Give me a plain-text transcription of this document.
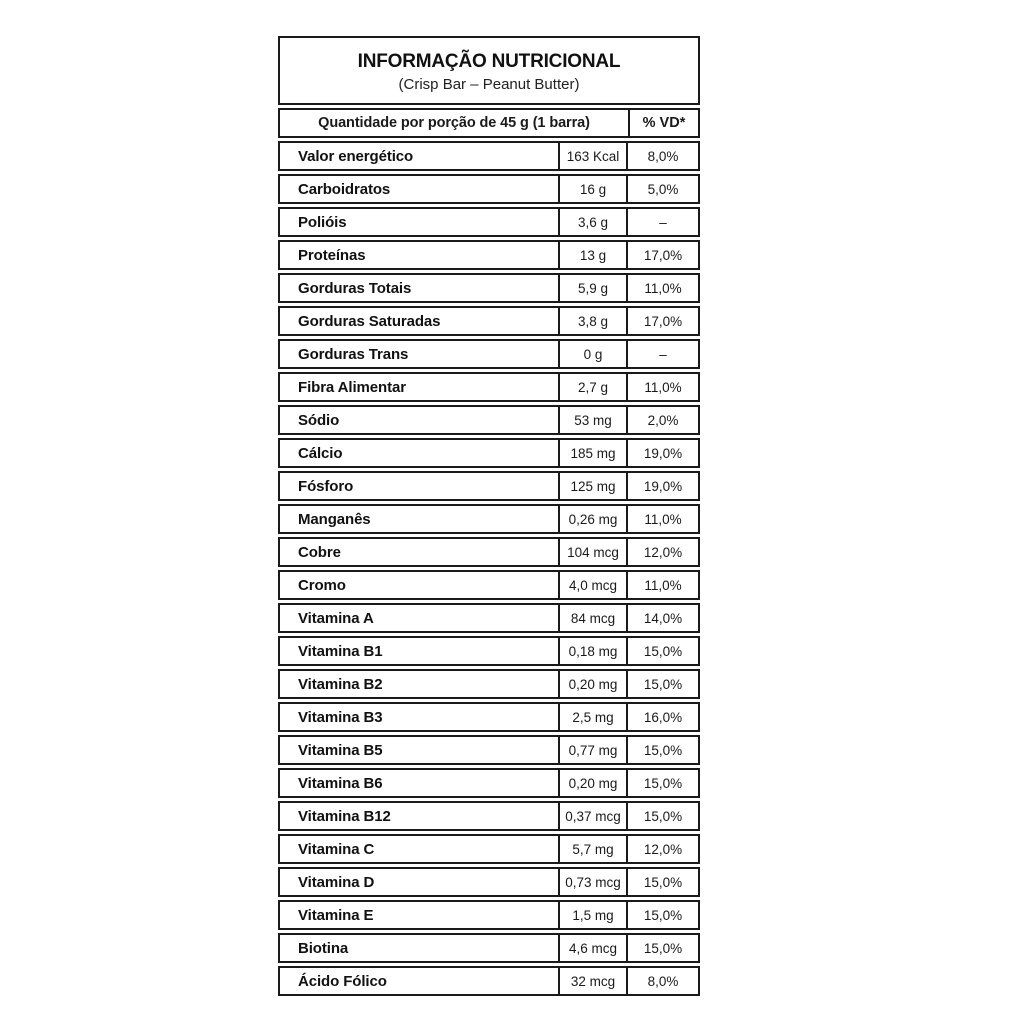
INFORMAÇÃO NUTRICIONAL
(Crisp Bar – Peanut Butter)
Quantidade por porção de 45 g (1 barra)	% VD*
Valor energético	163 Kcal	8,0%
Carboidratos	16 g	5,0%
Polióis	3,6 g	–
Proteínas	13 g	17,0%
Gorduras Totais	5,9 g	11,0%
Gorduras Saturadas	3,8 g	17,0%
Gorduras Trans	0 g	–
Fibra Alimentar	2,7 g	11,0%
Sódio	53 mg	2,0%
Cálcio	185 mg	19,0%
Fósforo	125 mg	19,0%
Manganês	0,26 mg	11,0%
Cobre	104 mcg	12,0%
Cromo	4,0 mcg	11,0%
Vitamina A	84 mcg	14,0%
Vitamina B1	0,18 mg	15,0%
Vitamina B2	0,20 mg	15,0%
Vitamina B3	2,5 mg	16,0%
Vitamina B5	0,77 mg	15,0%
Vitamina B6	0,20 mg	15,0%
Vitamina B12	0,37 mcg	15,0%
Vitamina C	5,7 mg	12,0%
Vitamina D	0,73 mcg	15,0%
Vitamina E	1,5 mg	15,0%
Biotina	4,6 mcg	15,0%
Ácido Fólico	32 mcg	8,0%
